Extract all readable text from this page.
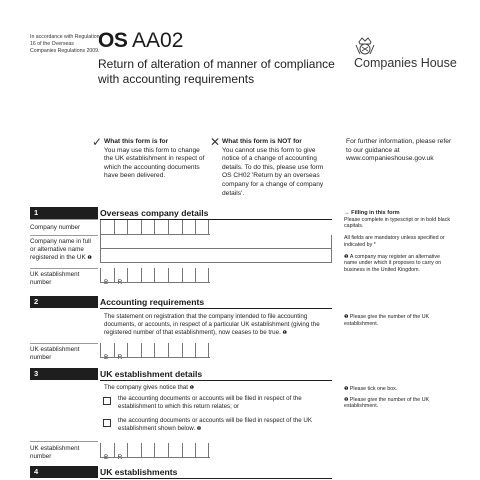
In accordance with Regulation 16 of the Overseas Companies Regulations 2009.
OS AA02
Return of alteration of manner of compliance with accounting requirements
Companies House
✓ What this form is for
You may use this form to change the UK establishment in respect of which the accounting documents have been delivered.
✕ What this form is NOT for
You cannot use this form to give notice of a change of accounting details. To do this, please use form OS CH02 'Return by an overseas company for a change of company details'.
For further information, please refer to our guidance at www.companieshouse.gov.uk
1	Overseas company details
Company number
Company name in full or alternative name registered in the UK ❶
UK establishment number
→ Filling in this form
Please complete in typescript or in bold black capitals.
All fields are mandatory unless specified or indicated by *
❶ A company may register an alternative name under which it proposes to carry on business in the United Kingdom.
2	Accounting requirements
The statement on registration that the company intended to file accounting documents, or accounts, in respect of a particular UK establishment (giving the registered number of that establishment), now ceases to be true. ❶
UK establishment number
❶ Please give the number of the UK establishment.
3	UK establishment details
The company gives notice that ❶
the accounting documents or accounts will be filed in respect of the establishment to which this return relates; or
the accounting documents or accounts will be filed in respect of the UK establishment shown below. ❷
UK establishment number
❶ Please tick one box.
❷ Please give the number of the UK establishment.
4	UK establishments
